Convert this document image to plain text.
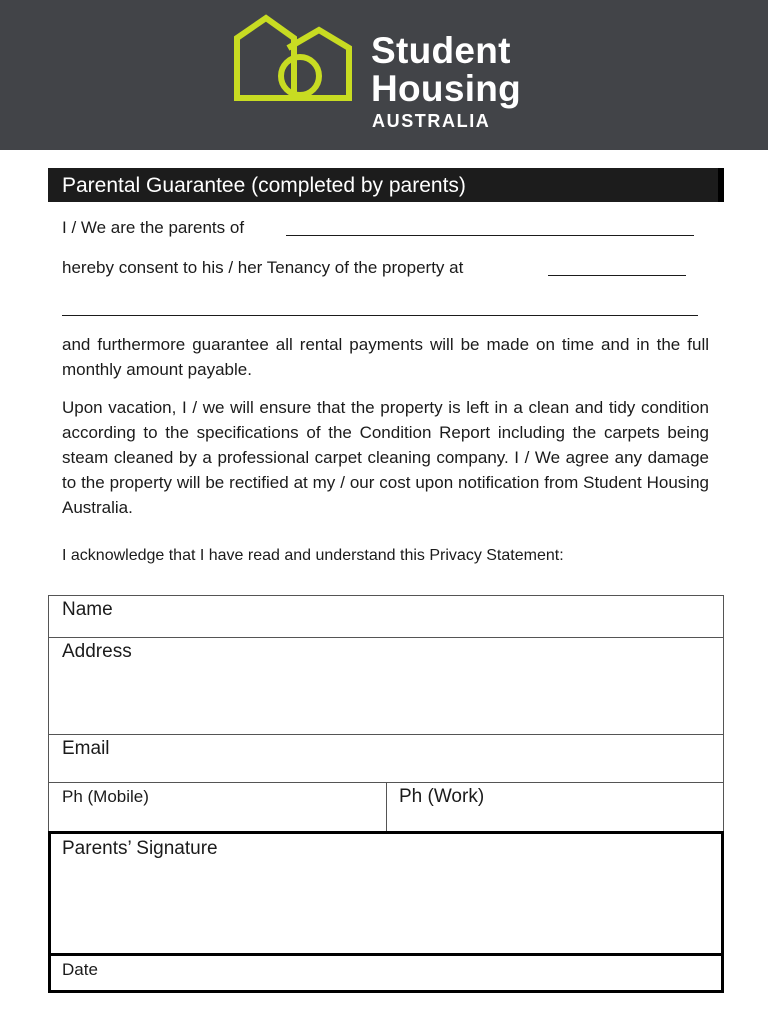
Student
Housing
AUSTRALIA
Parental Guarantee (completed by parents)
I / We are the parents of
hereby consent to his / her Tenancy of the property at

and furthermore guarantee all rental payments will be made on time and in the full monthly amount payable.

Upon vacation, I / we will ensure that the property is left in a clean and tidy condition according to the specifications of the Condition Report including the carpets being steam cleaned by a professional carpet cleaning company. I / We agree any damage to the property will be rectified at my / our cost upon notification from Student Housing Australia.

I acknowledge that I have read and understand this Privacy Statement:
Name
Address
Email
Ph (Mobile)	Ph (Work)
Parents’ Signature
Date
